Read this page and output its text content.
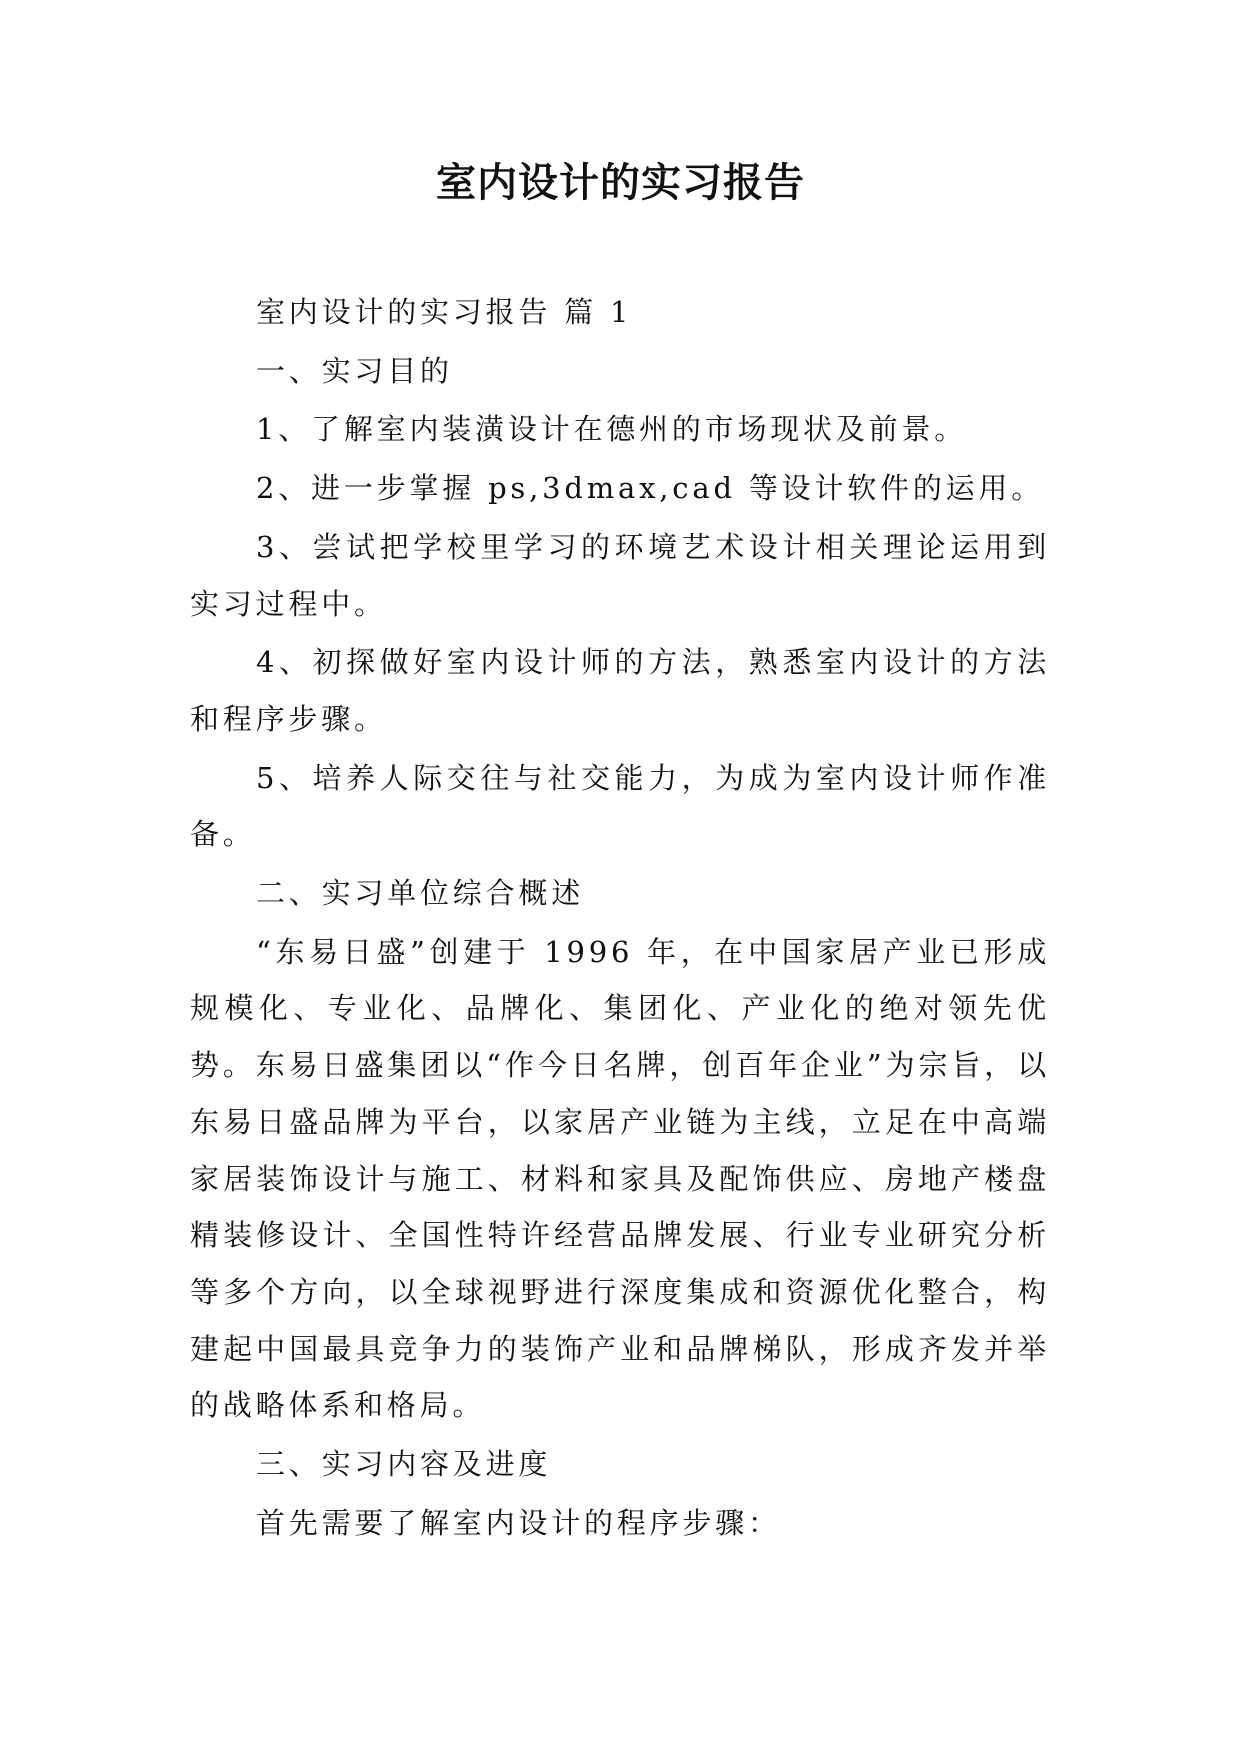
室内设计的实习报告

室内设计的实习报告 篇 1

一、实习目的

1、了解室内装潢设计在德州的市场现状及前景。

2、进一步掌握 ps,3dmax,cad 等设计软件的运用。

3、尝试把学校里学习的环境艺术设计相关理论运用到实习过程中。

4、初探做好室内设计师的方法，熟悉室内设计的方法和程序步骤。

5、培养人际交往与社交能力，为成为室内设计师作准备。

二、实习单位综合概述

“东易日盛”创建于 1996 年，在中国家居产业已形成规模化、专业化、品牌化、集团化、产业化的绝对领先优势。东易日盛集团以“作今日名牌，创百年企业”为宗旨，以东易日盛品牌为平台，以家居产业链为主线，立足在中高端家居装饰设计与施工、材料和家具及配饰供应、房地产楼盘精装修设计、全国性特许经营品牌发展、行业专业研究分析等多个方向，以全球视野进行深度集成和资源优化整合，构建起中国最具竞争力的装饰产业和品牌梯队，形成齐发并举的战略体系和格局。

三、实习内容及进度

首先需要了解室内设计的程序步骤：
